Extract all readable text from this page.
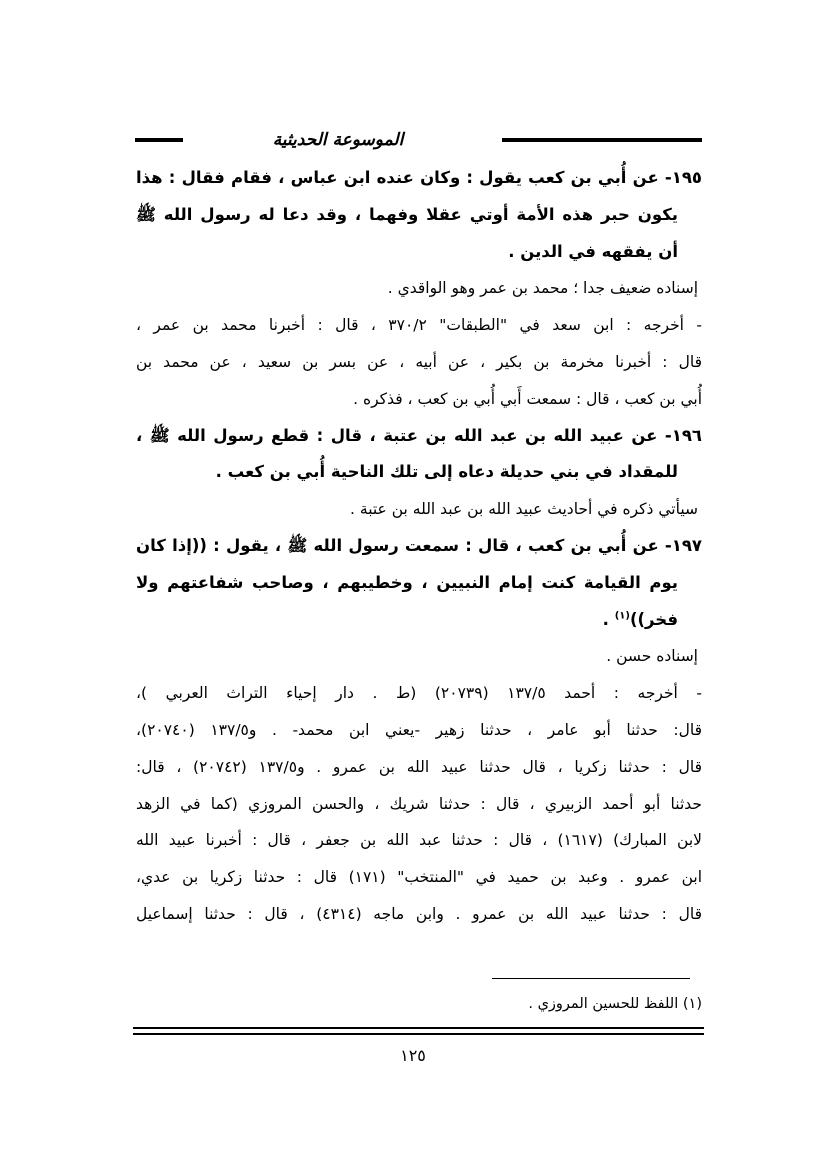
الموسوعة الحديثية
١٩٥- عن أُبي بن كعب يقول : وكان عنده ابن عباس ، فقام فقال : هذا
يكون حبر هذه الأمة أوتي عقلا وفهما ، وقد دعا له رسول الله ﷺ
أن يفقهه في الدين .
إسناده ضعيف جدا ؛ محمد بن عمر وهو الواقدي .
- أخرجه : ابن سعد في "الطبقات" ٣٧٠/٢ ، قال : أخبرنا محمد بن عمر ،
قال : أخبرنا مخرمة بن بكير ، عن أبيه ، عن بسر بن سعيد ، عن محمد بن
أُبي بن كعب ، قال : سمعت أَبي أُبي بن كعب ، فذكره .
١٩٦- عن عبيد الله بن عبد الله بن عتبة ، قال : قطع رسول الله ﷺ ،
للمقداد في بني حديلة دعاه إلى تلك الناحية أُبي بن كعب .
سيأتي ذكره في أحاديث عبيد الله بن عبد الله بن عتبة .
١٩٧- عن أُبي بن كعب ، قال : سمعت رسول الله ﷺ ، يقول : ((إذا كان
يوم القيامة كنت إمام النبيين ، وخطيبهم ، وصاحب شفاعتهم ولا
فخر))$^{(١)}$ .
إسناده حسن .
- أخرجه : أحمد ١٣٧/٥ (٢٠٧٣٩) (ط . دار إحياء التراث العربي )،
قال: حدثنا أبو عامر ، حدثنا زهير -يعني ابن محمد- . و١٣٧/٥ (٢٠٧٤٠)،
قال : حدثنا زكريا ، قال حدثنا عبيد الله بن عمرو . و١٣٧/٥ (٢٠٧٤٢) ، قال:
حدثنا أبو أحمد الزبيري ، قال : حدثنا شريك ، والحسن المروزي (كما في الزهد
لابن المبارك) (١٦١٧) ، قال : حدثنا عبد الله بن جعفر ، قال : أخبرنا عبيد الله
ابن عمرو . وعبد بن حميد في "المنتخب" (١٧١) قال : حدثنا زكريا بن عدي،
قال : حدثنا عبيد الله بن عمرو . وابن ماجه (٤٣١٤) ، قال : حدثنا إسماعيل
(١) اللفظ للحسين المروزي .
١٢٥
